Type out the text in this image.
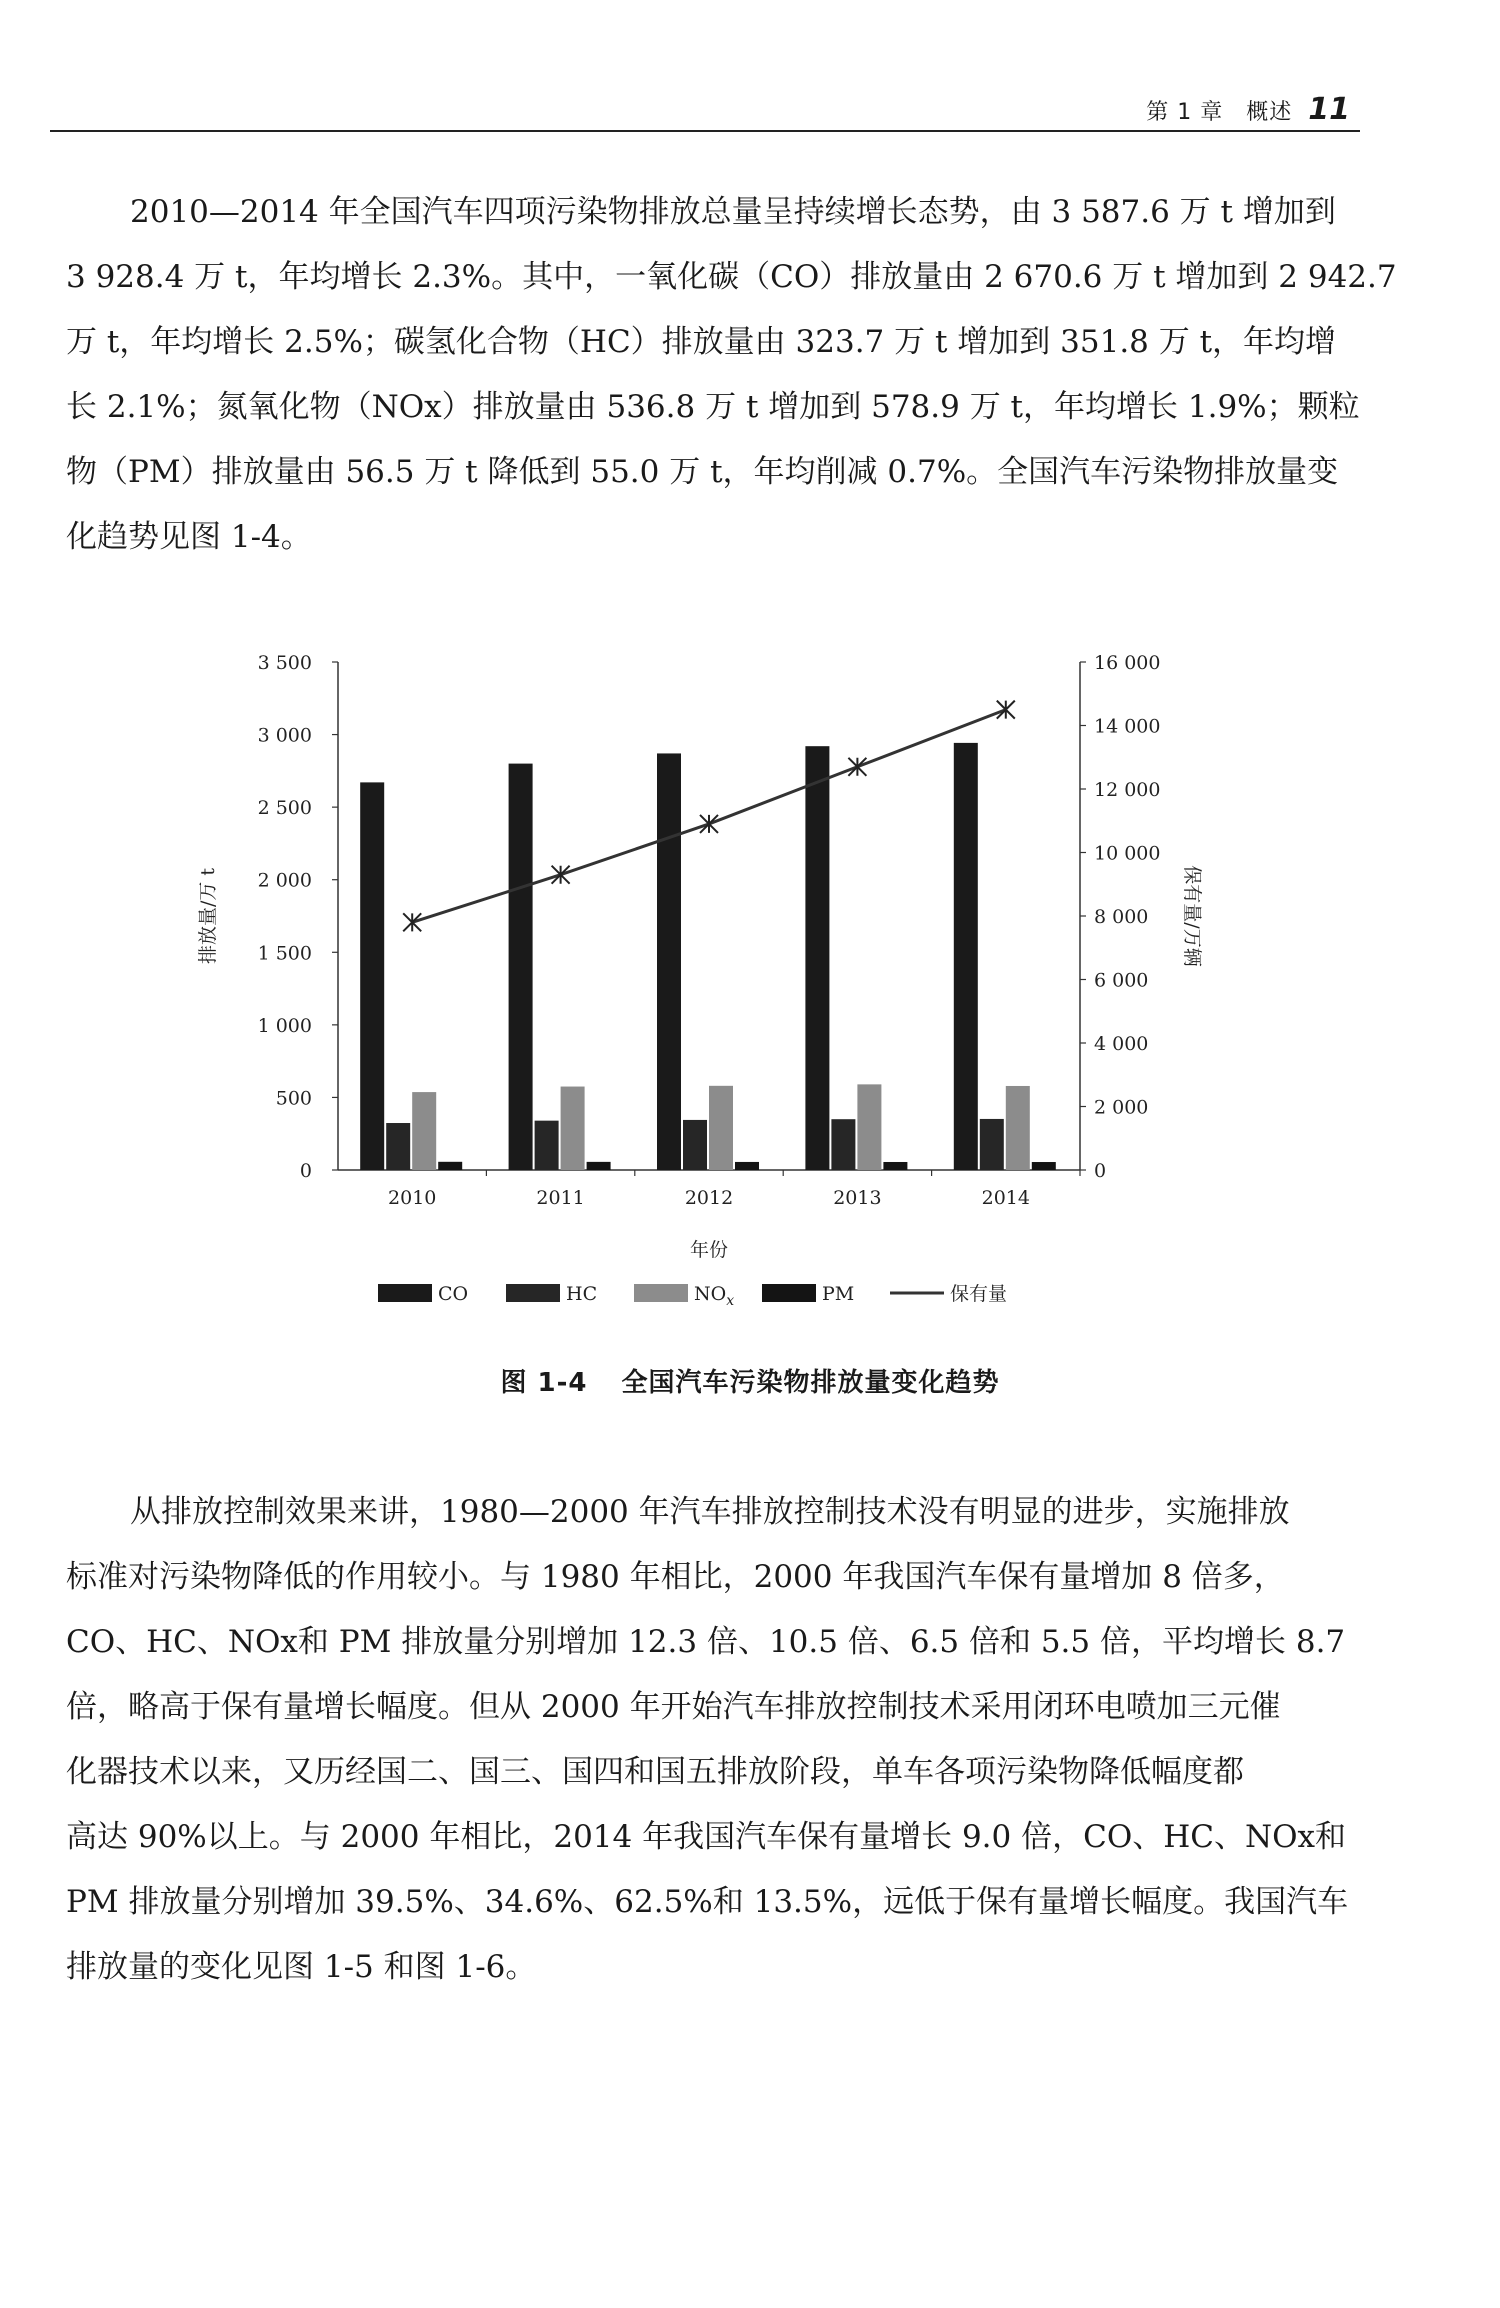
第 1 章　概述 11
2010—2014 年全国汽车四项污染物排放总量呈持续增长态势，由 3 587.6 万 t 增加到
3 928.4 万 t，年均增长 2.3%。其中，一氧化碳（CO）排放量由 2 670.6 万 t 增加到 2 942.7
万 t，年均增长 2.5%；碳氢化合物（HC）排放量由 323.7 万 t 增加到 351.8 万 t，年均增
长 2.1%；氮氧化物（NOx）排放量由 536.8 万 t 增加到 578.9 万 t，年均增长 1.9%；颗粒
物（PM）排放量由 56.5 万 t 降低到 55.0 万 t，年均削减 0.7%。全国汽车污染物排放量变
化趋势见图 1-4。
0
500
1 000
1 500
2 000
2 500
3 000
3 500
0
2 000
4 000
6 000
8 000
10 000
12 000
14 000
16 000
排放量/万 t	保有量/万辆
2010	2011	2012	2013	2014
年份
CO	HC	$NO_x$	PM	保有量
图 1-4 全国汽车污染物排放量变化趋势
从排放控制效果来讲，1980—2000 年汽车排放控制技术没有明显的进步，实施排放
标准对污染物降低的作用较小。与 1980 年相比，2000 年我国汽车保有量增加 8 倍多，
CO、HC、NOx和 PM 排放量分别增加 12.3 倍、10.5 倍、6.5 倍和 5.5 倍，平均增长 8.7
倍，略高于保有量增长幅度。但从 2000 年开始汽车排放控制技术采用闭环电喷加三元催
化器技术以来，又历经国二、国三、国四和国五排放阶段，单车各项污染物降低幅度都
高达 90%以上。与 2000 年相比，2014 年我国汽车保有量增长 9.0 倍，CO、HC、NOx和
PM 排放量分别增加 39.5%、34.6%、62.5%和 13.5%，远低于保有量增长幅度。我国汽车
排放量的变化见图 1-5 和图 1-6。
